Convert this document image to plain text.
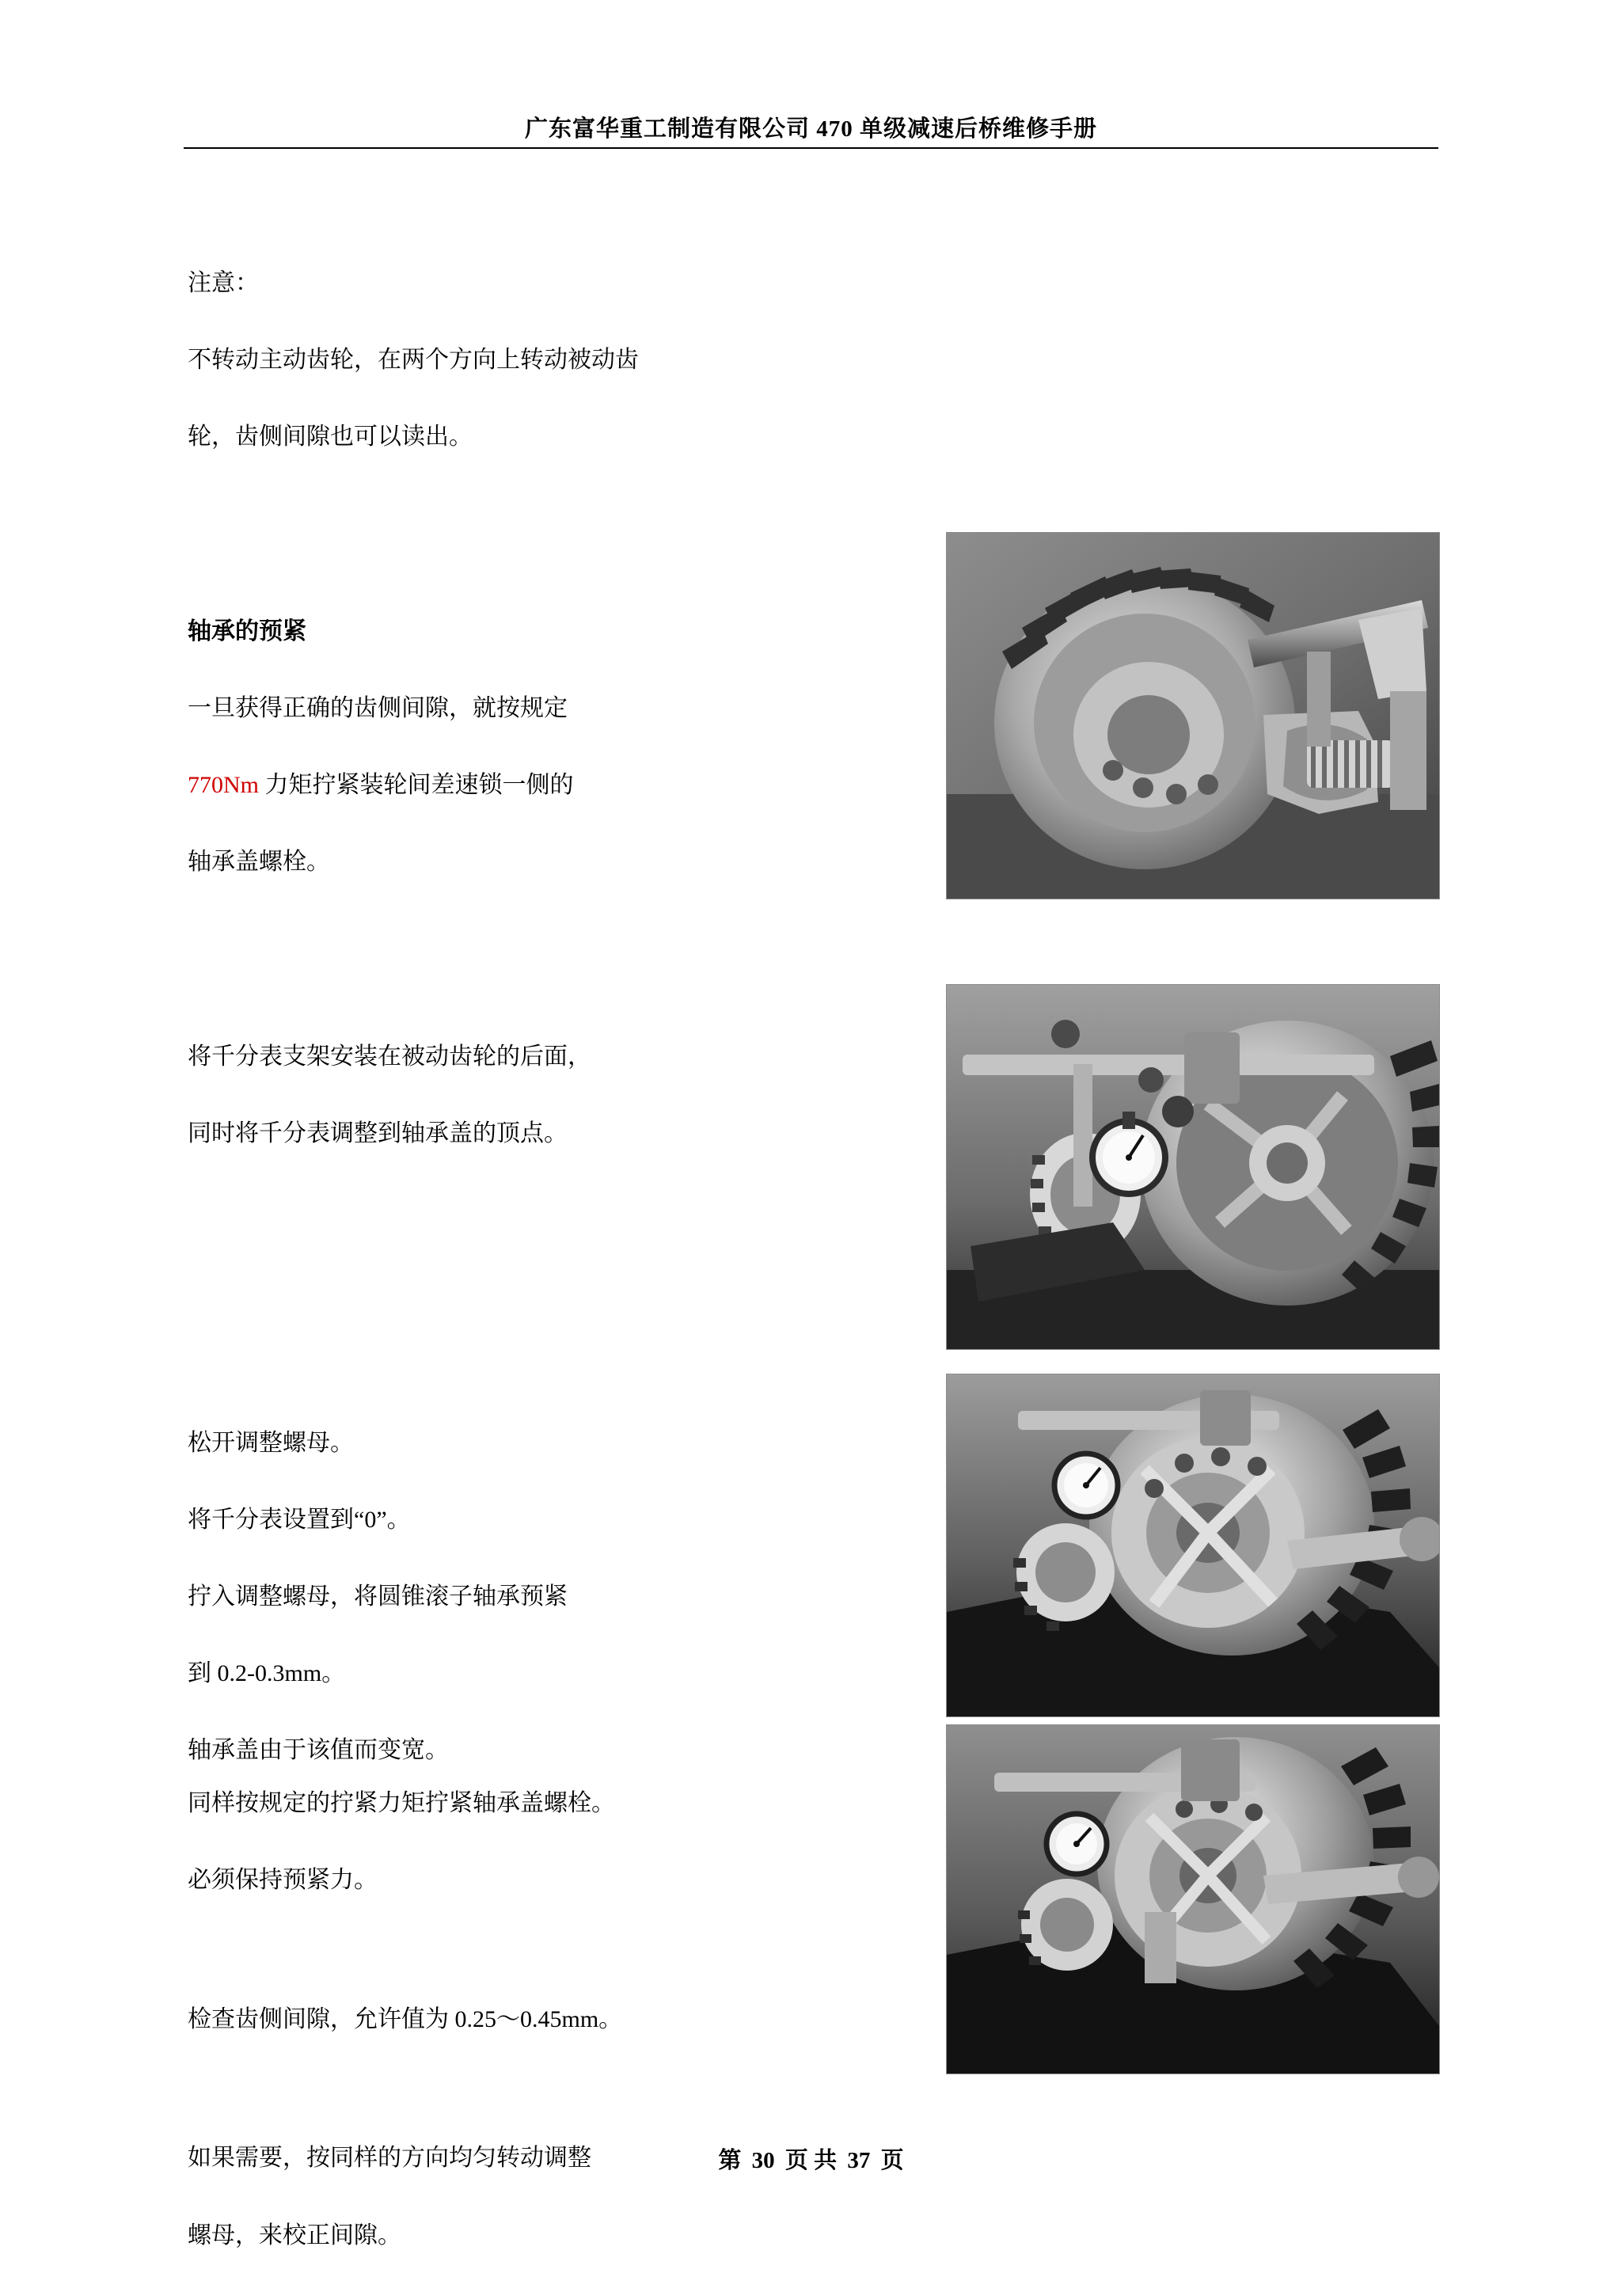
广东富华重工制造有限公司 470 单级减速后桥维修手册

注意：

不转动主动齿轮，在两个方向上转动被动齿

轮，齿侧间隙也可以读出。

轴承的预紧

一旦获得正确的齿侧间隙，就按规定

770Nm 力矩拧紧装轮间差速锁一侧的

轴承盖螺栓。

将千分表支架安装在被动齿轮的后面，

同时将千分表调整到轴承盖的顶点。

松开调整螺母。

将千分表设置到“0”。

拧入调整螺母，将圆锥滚子轴承预紧

到 0.2-0.3mm。

轴承盖由于该值而变宽。

同样按规定的拧紧力矩拧紧轴承盖螺栓。

必须保持预紧力。

检查齿侧间隙，允许值为 0.25～0.45mm。

如果需要，按同样的方向均匀转动调整

螺母，来校正间隙。

第 30 页 共 37 页
